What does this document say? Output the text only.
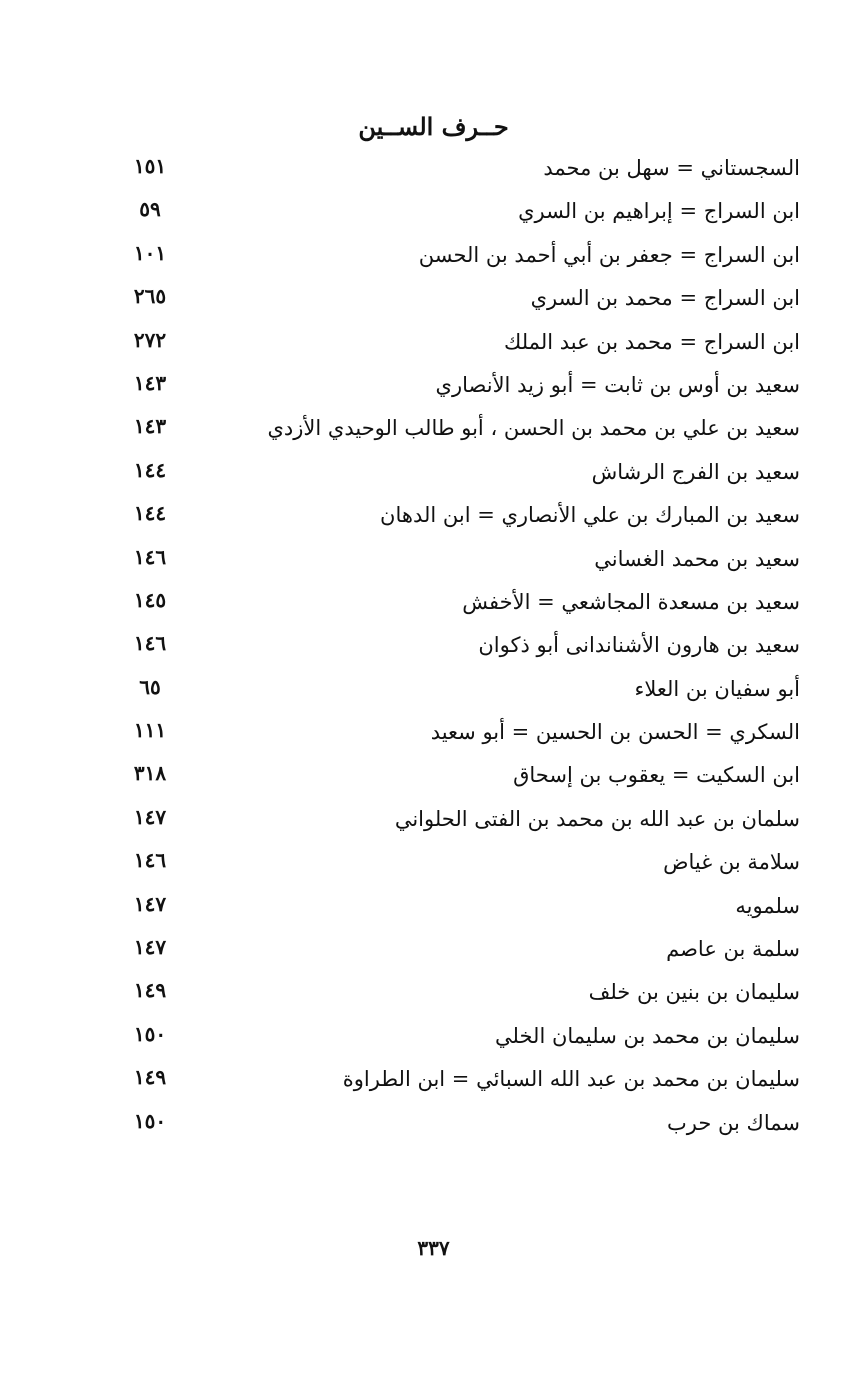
حــرف الســين
السجستاني = سهل بن محمد
١٥١
ابن السراج = إبراهيم بن السري
٥٩
ابن السراج = جعفر بن أبي أحمد بن الحسن
١٠١
ابن السراج = محمد بن السري
٢٦٥
ابن السراج = محمد بن عبد الملك
٢٧٢
سعيد بن أوس بن ثابت = أبو زيد الأنصاري
١٤٣
سعيد بن علي بن محمد بن الحسن ، أبو طالب الوحيدي الأزدي
١٤٣
سعيد بن الفرج الرشاش
١٤٤
سعيد بن المبارك بن علي الأنصاري = ابن الدهان
١٤٤
سعيد بن محمد الغساني
١٤٦
سعيد بن مسعدة المجاشعي = الأخفش
١٤٥
سعيد بن هارون الأشناندانى أبو ذكوان
١٤٦
أبو سفيان بن العلاء
٦٥
السكري = الحسن بن الحسين = أبو سعيد
١١١
ابن السكيت = يعقوب بن إسحاق
٣١٨
سلمان بن عبد الله بن محمد بن الفتى الحلواني
١٤٧
سلامة بن غياض
١٤٦
سلمويه
١٤٧
سلمة بن عاصم
١٤٧
سليمان بن بنين بن خلف
١٤٩
سليمان بن محمد بن سليمان الخلي
١٥٠
سليمان بن محمد بن عبد الله السبائي = ابن الطراوة
١٤٩
سماك بن حرب
١٥٠
٣٣٧
